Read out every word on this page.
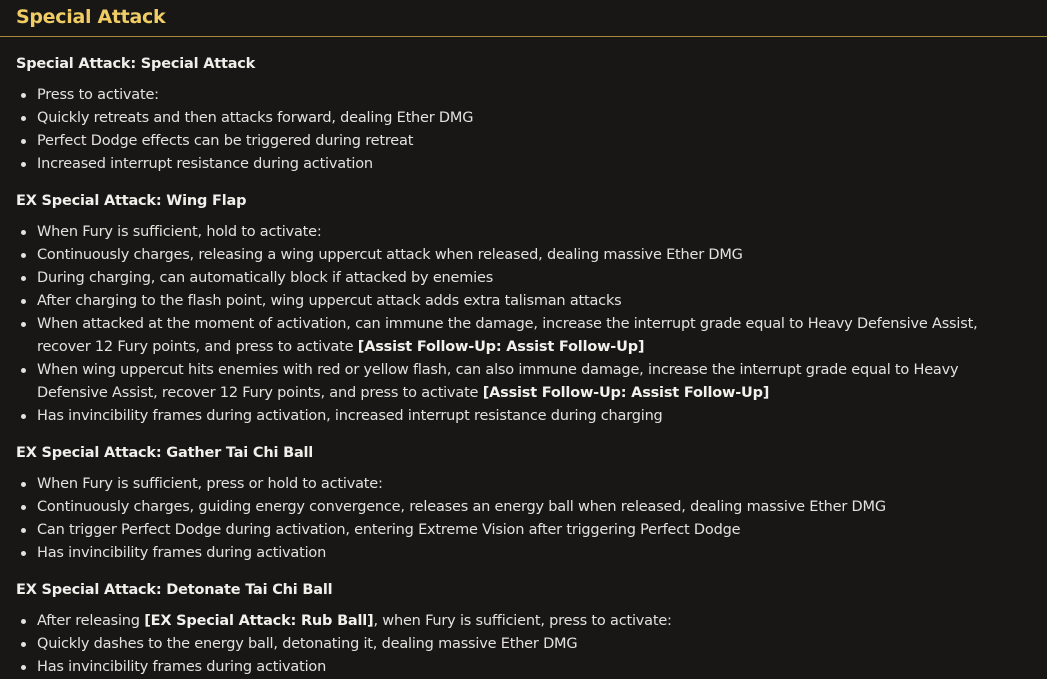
Special Attack
Special Attack: Special Attack
Press to activate:
Quickly retreats and then attacks forward, dealing Ether DMG
Perfect Dodge effects can be triggered during retreat
Increased interrupt resistance during activation
EX Special Attack: Wing Flap
When Fury is sufficient, hold to activate:
Continuously charges, releasing a wing uppercut attack when released, dealing massive Ether DMG
During charging, can automatically block if attacked by enemies
After charging to the flash point, wing uppercut attack adds extra talisman attacks
When attacked at the moment of activation, can immune the damage, increase the interrupt grade equal to Heavy Defensive Assist, recover 12 Fury points, and press to activate [Assist Follow-Up: Assist Follow-Up]
When wing uppercut hits enemies with red or yellow flash, can also immune damage, increase the interrupt grade equal to Heavy Defensive Assist, recover 12 Fury points, and press to activate [Assist Follow-Up: Assist Follow-Up]
Has invincibility frames during activation, increased interrupt resistance during charging
EX Special Attack: Gather Tai Chi Ball
When Fury is sufficient, press or hold to activate:
Continuously charges, guiding energy convergence, releases an energy ball when released, dealing massive Ether DMG
Can trigger Perfect Dodge during activation, entering Extreme Vision after triggering Perfect Dodge
Has invincibility frames during activation
EX Special Attack: Detonate Tai Chi Ball
After releasing [EX Special Attack: Rub Ball], when Fury is sufficient, press to activate:
Quickly dashes to the energy ball, detonating it, dealing massive Ether DMG
Has invincibility frames during activation
